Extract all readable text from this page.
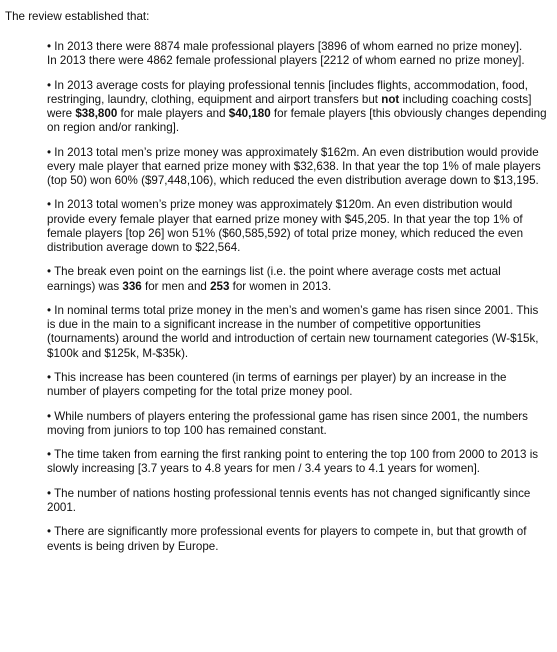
The review established that:

• In 2013 there were 8874 male professional players [3896 of whom earned no prize money].
In 2013 there were 4862 female professional players [2212 of whom earned no prize money].
• In 2013 average costs for playing professional tennis [includes flights, accommodation, food, restringing, laundry, clothing, equipment and airport transfers but not including coaching costs] were $38,800 for male players and $40,180 for female players [this obviously changes depending on region and/or ranking].
• In 2013 total men’s prize money was approximately $162m. An even distribution would provide every male player that earned prize money with $32,638. In that year the top 1% of male players (top 50) won 60% ($97,448,106), which reduced the even distribution average down to $13,195.
• In 2013 total women’s prize money was approximately $120m. An even distribution would provide every female player that earned prize money with $45,205. In that year the top 1% of female players [top 26] won 51% ($60,585,592) of total prize money, which reduced the even distribution average down to $22,564.
• The break even point on the earnings list (i.e. the point where average costs met actual earnings) was 336 for men and 253 for women in 2013.
• In nominal terms total prize money in the men’s and women’s game has risen since 2001. This is due in the main to a significant increase in the number of competitive opportunities (tournaments) around the world and introduction of certain new tournament categories (W-$15k, $100k and $125k, M-$35k).
• This increase has been countered (in terms of earnings per player) by an increase in the number of players competing for the total prize money pool.
• While numbers of players entering the professional game has risen since 2001, the numbers moving from juniors to top 100 has remained constant.
• The time taken from earning the first ranking point to entering the top 100 from 2000 to 2013 is slowly increasing [3.7 years to 4.8 years for men / 3.4 years to 4.1 years for women].
• The number of nations hosting professional tennis events has not changed significantly since 2001.
• There are significantly more professional events for players to compete in, but that growth of events is being driven by Europe.
